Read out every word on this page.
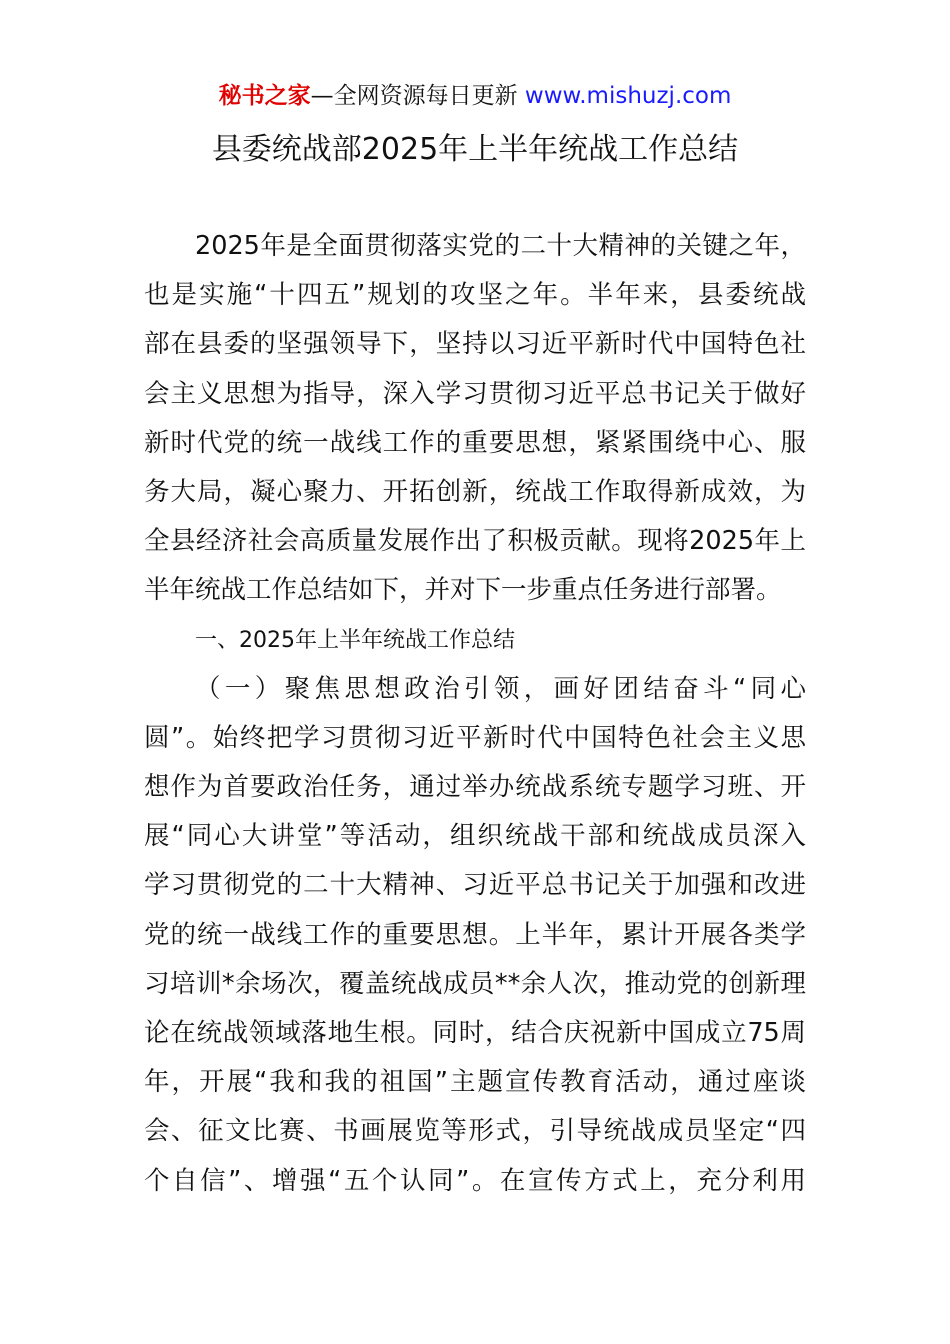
秘书之家—全网资源每日更新 www.mishuzj.com
县委统战部2025年上半年统战工作总结
2025年是全面贯彻落实党的二十大精神的关键之年，
也是实施“十四五”规划的攻坚之年。半年来，县委统战
部在县委的坚强领导下，坚持以习近平新时代中国特色社
会主义思想为指导，深入学习贯彻习近平总书记关于做好
新时代党的统一战线工作的重要思想，紧紧围绕中心、服
务大局，凝心聚力、开拓创新，统战工作取得新成效，为
全县经济社会高质量发展作出了积极贡献。现将2025年上
半年统战工作总结如下，并对下一步重点任务进行部署。
一、2025年上半年统战工作总结
（一）聚焦思想政治引领，画好团结奋斗“同心
圆”。始终把学习贯彻习近平新时代中国特色社会主义思
想作为首要政治任务，通过举办统战系统专题学习班、开
展“同心大讲堂”等活动，组织统战干部和统战成员深入
学习贯彻党的二十大精神、习近平总书记关于加强和改进
党的统一战线工作的重要思想。上半年，累计开展各类学
习培训*余场次，覆盖统战成员**余人次，推动党的创新理
论在统战领域落地生根。同时，结合庆祝新中国成立75周
年，开展“我和我的祖国”主题宣传教育活动，通过座谈
会、征文比赛、书画展览等形式，引导统战成员坚定“四
个自信”、增强“五个认同”。在宣传方式上，充分利用
